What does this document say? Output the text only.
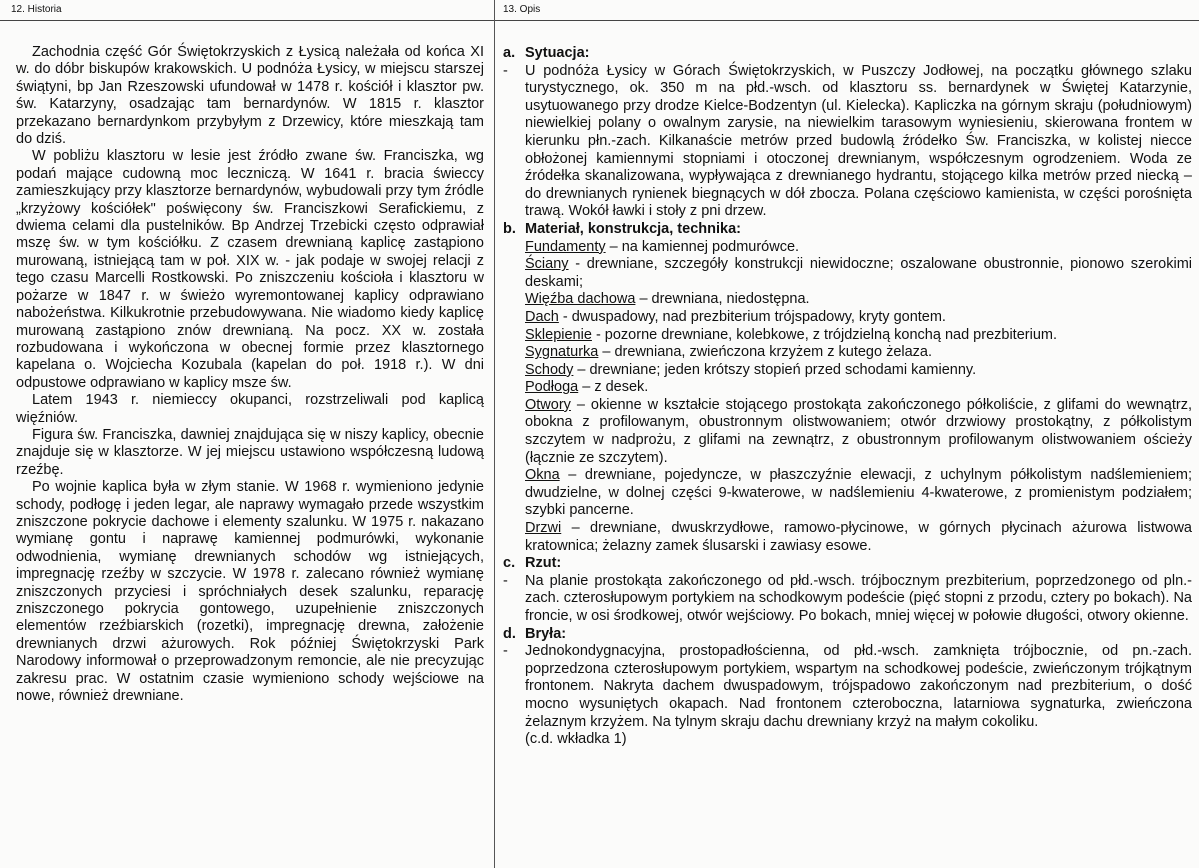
12. Historia

Zachodnia część Gór Świętokrzyskich z Łysicą należała od końca XI w. do dóbr biskupów krakowskich. U podnóża Łysicy, w miejscu starszej świątyni, bp Jan Rzeszowski ufundował w 1478 r. kościół i klasztor pw. św. Katarzyny, osadzając tam bernardynów. W 1815 r. klasztor przekazano bernardynkom przybyłym z Drzewicy, które mieszkają tam do dziś.

W pobliżu klasztoru w lesie jest źródło zwane św. Franciszka, wg podań mające cudowną moc leczniczą. W 1641 r. bracia świeccy zamieszkujący przy klasztorze bernardynów, wybudowali przy tym źródle „krzyżowy kościółek" poświęcony św. Franciszkowi Serafickiemu, z dwiema celami dla pustelników. Bp Andrzej Trzebicki często odprawiał mszę św. w tym kościółku. Z czasem drewnianą kaplicę zastąpiono murowaną, istniejącą tam w poł. XIX w. - jak podaje w swojej relacji z tego czasu Marcelli Rostkowski. Po zniszczeniu kościoła i klasztoru w pożarze w 1847 r. w świeżo wyremontowanej kaplicy odprawiano nabożeństwa. Kilkukrotnie przebudowywana. Nie wiadomo kiedy kaplicę murowaną zastąpiono znów drewnianą. Na pocz. XX w. została rozbudowana i wykończona w obecnej formie przez klasztornego kapelana o. Wojciecha Kozubala (kapelan do poł. 1918 r.). W dni odpustowe odprawiano w kaplicy msze św.

Latem 1943 r. niemieccy okupanci, rozstrzeliwali pod kaplicą więźniów.

Figura św. Franciszka, dawniej znajdująca się w niszy kaplicy, obecnie znajduje się w klasztorze. W jej miejscu ustawiono współczesną ludową rzeźbę.

Po wojnie kaplica była w złym stanie. W 1968 r. wymieniono jedynie schody, podłogę i jeden legar, ale naprawy wymagało przede wszystkim zniszczone pokrycie dachowe i elementy szalunku. W 1975 r. nakazano wymianę gontu i naprawę kamiennej podmurówki, wykonanie odwodnienia, wymianę drewnianych schodów wg istniejących, impregnację rzeźby w szczycie. W 1978 r. zalecano również wymianę zniszczonych przyciesi i spróchniałych desek szalunku, reparację zniszczonego pokrycia gontowego, uzupełnienie zniszczonych elementów rzeźbiarskich (rozetki), impregnację drewna, założenie drewnianych drzwi ażurowych. Rok później Świętokrzyski Park Narodowy informował o przeprowadzonym remoncie, ale nie precyzując zakresu prac. W ostatnim czasie wymieniono schody wejściowe na nowe, również drewniane.

13. Opis
a. Sytuacja:
-	U podnóża Łysicy w Górach Świętokrzyskich, w Puszczy Jodłowej, na początku głównego szlaku turystycznego, ok. 350 m na płd.-wsch. od klasztoru ss. bernardynek w Świętej Katarzynie, usytuowanego przy drodze Kielce-Bodzentyn (ul. Kielecka). Kapliczka na górnym skraju (południowym) niewielkiej polany o owalnym zarysie, na niewielkim tarasowym wyniesieniu, skierowana frontem w kierunku płn.-zach. Kilkanaście metrów przed budowlą źródełko Św. Franciszka, w kolistej niecce obłożonej kamiennymi stopniami i otoczonej drewnianym, współczesnym ogrodzeniem. Woda ze źródełka skanalizowana, wypływająca z drewnianego hydrantu, stojącego kilka metrów przed niecką – do drewnianych rynienek biegnących w dół zbocza. Polana częściowo kamienista, w części porośnięta trawą. Wokół ławki i stoły z pni drzew.
b. Materiał, konstrukcja, technika:
Fundamenty – na kamiennej podmurówce.
Ściany - drewniane, szczegóły konstrukcji niewidoczne; oszalowane obustronnie, pionowo szerokimi deskami;
Więźba dachowa – drewniana, niedostępna.
Dach - dwuspadowy, nad prezbiterium trójspadowy, kryty gontem.
Sklepienie - pozorne drewniane, kolebkowe, z trójdzielną konchą nad prezbiterium.
Sygnaturka – drewniana, zwieńczona krzyżem z kutego żelaza.
Schody – drewniane; jeden krótszy stopień przed schodami kamienny.
Podłoga – z desek.
Otwory – okienne w kształcie stojącego prostokąta zakończonego półkoliście, z glifami do wewnątrz, obokna z profilowanym, obustronnym olistwowaniem; otwór drzwiowy prostokątny, z półkolistym szczytem w nadprożu, z glifami na zewnątrz, z obustronnym profilowanym olistwowaniem ościeży (łącznie ze szczytem).
Okna – drewniane, pojedyncze, w płaszczyźnie elewacji, z uchylnym półkolistym nadślemieniem; dwudzielne, w dolnej części 9-kwaterowe, w nadślemieniu 4-kwaterowe, z promienistym podziałem; szybki pancerne.
Drzwi – drewniane, dwuskrzydłowe, ramowo-płycinowe, w górnych płycinach ażurowa listwowa kratownica; żelazny zamek ślusarski i zawiasy esowe.
c. Rzut:
-	Na planie prostokąta zakończonego od płd.-wsch. trójbocznym prezbiterium, poprzedzonego od pln.-zach. czterosłupowym portykiem na schodkowym podeście (pięć stopni z przodu, cztery po bokach). Na froncie, w osi środkowej, otwór wejściowy. Po bokach, mniej więcej w połowie długości, otwory okienne.
d. Bryła:
-	Jednokondygnacyjna, prostopadłościenna, od płd.-wsch. zamknięta trójbocznie, od pn.-zach. poprzedzona czterosłupowym portykiem, wspartym na schodkowej podeście, zwieńczonym trójkątnym frontonem. Nakryta dachem dwuspadowym, trójspadowo zakończonym nad prezbiterium, o dość mocno wysuniętych okapach. Nad frontonem czteroboczna, latarniowa sygnaturka, zwieńczona żelaznym krzyżem. Na tylnym skraju dachu drewniany krzyż na małym cokoliku.
(c.d. wkładka 1)
